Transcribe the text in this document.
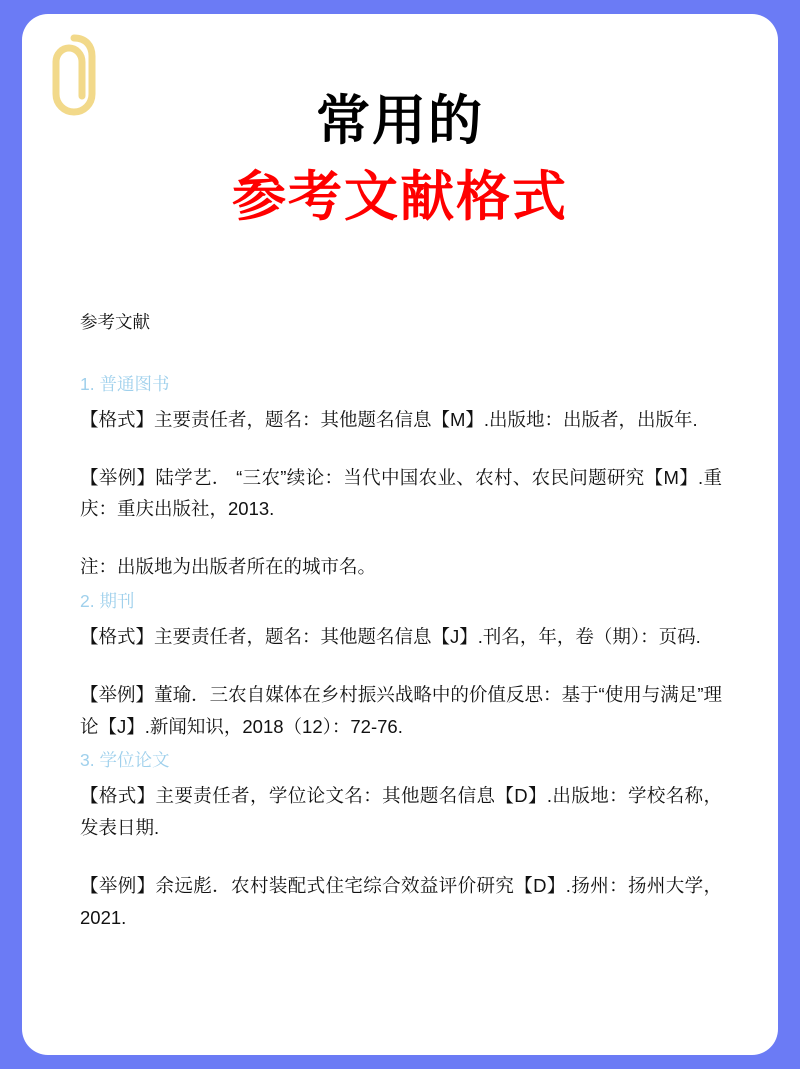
常用的
参考文献格式
参考文献
1. 普通图书
【格式】主要责任者，题名：其他题名信息【M】.出版地：出版者，出版年.
【举例】陆学艺． “三农”续论：当代中国农业、农村、农民问题研究【M】.重庆：重庆出版社，2013.
注：出版地为出版者所在的城市名。
2. 期刊
【格式】主要责任者，题名：其他题名信息【J】.刊名，年，卷（期）：页码.
【举例】董瑜．三农自媒体在乡村振兴战略中的价值反思：基于“使用与满足”理论【J】.新闻知识，2018（12）：72-76.
3. 学位论文
【格式】主要责任者，学位论文名：其他题名信息【D】.出版地：学校名称，发表日期.
【举例】余远彪．农村装配式住宅综合效益评价研究【D】.扬州：扬州大学，2021.
